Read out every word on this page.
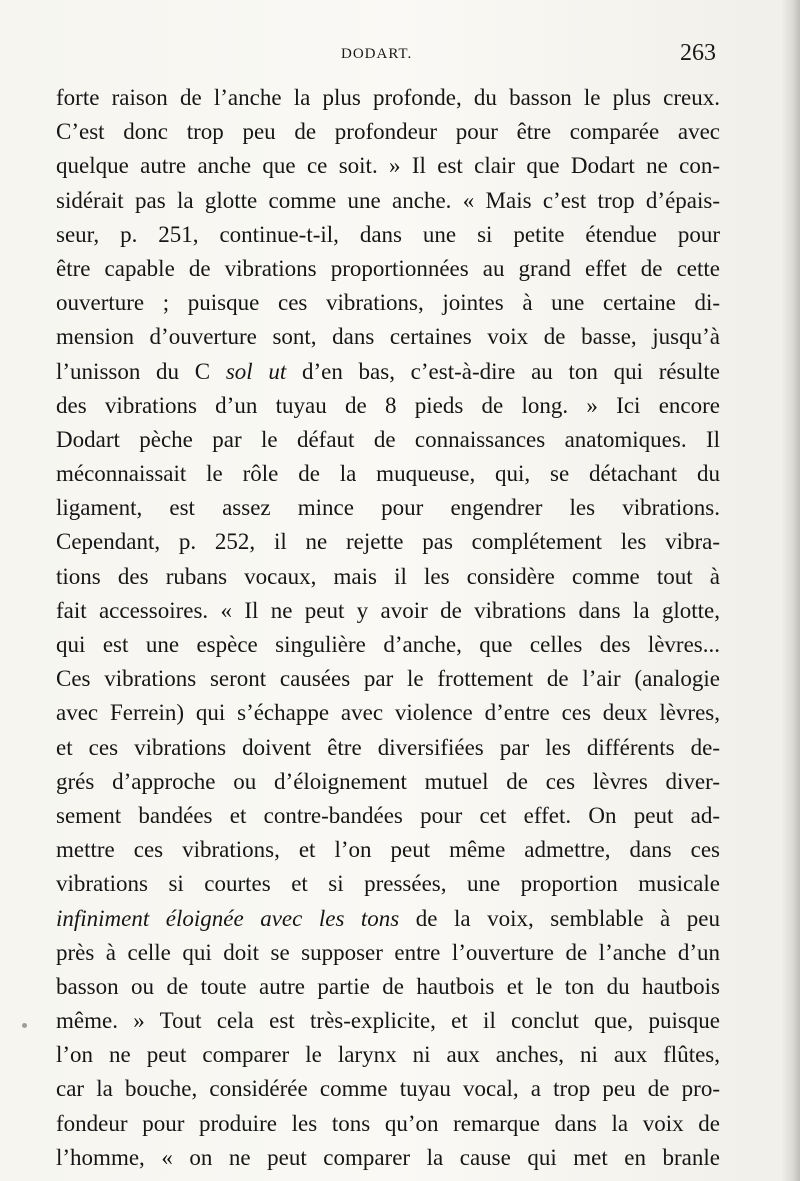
DODART.	263
forte raison de l’anche la plus profonde, du basson le plus creux.
C’est donc trop peu de profondeur pour être comparée avec
quelque autre anche que ce soit. » Il est clair que Dodart ne con-
sidérait pas la glotte comme une anche. « Mais c’est trop d’épais-
seur, p. 251, continue-t-il, dans une si petite étendue pour
être capable de vibrations proportionnées au grand effet de cette
ouverture ; puisque ces vibrations, jointes à une certaine di-
mension d’ouverture sont, dans certaines voix de basse, jusqu’à
l’unisson du C sol ut d’en bas, c’est-à-dire au ton qui résulte
des vibrations d’un tuyau de 8 pieds de long. » Ici encore
Dodart pèche par le défaut de connaissances anatomiques. Il
méconnaissait le rôle de la muqueuse, qui, se détachant du
ligament, est assez mince pour engendrer les vibrations.
Cependant, p. 252, il ne rejette pas complétement les vibra-
tions des rubans vocaux, mais il les considère comme tout à
fait accessoires. « Il ne peut y avoir de vibrations dans la glotte,
qui est une espèce singulière d’anche, que celles des lèvres...
Ces vibrations seront causées par le frottement de l’air (analogie
avec Ferrein) qui s’échappe avec violence d’entre ces deux lèvres,
et ces vibrations doivent être diversifiées par les différents de-
grés d’approche ou d’éloignement mutuel de ces lèvres diver-
sement bandées et contre-bandées pour cet effet. On peut ad-
mettre ces vibrations, et l’on peut même admettre, dans ces
vibrations si courtes et si pressées, une proportion musicale
infiniment éloignée avec les tons de la voix, semblable à peu
près à celle qui doit se supposer entre l’ouverture de l’anche d’un
basson ou de toute autre partie de hautbois et le ton du hautbois
même. » Tout cela est très-explicite, et il conclut que, puisque
l’on ne peut comparer le larynx ni aux anches, ni aux flûtes,
car la bouche, considérée comme tuyau vocal, a trop peu de pro-
fondeur pour produire les tons qu’on remarque dans la voix de
l’homme, « on ne peut comparer la cause qui met en branle
